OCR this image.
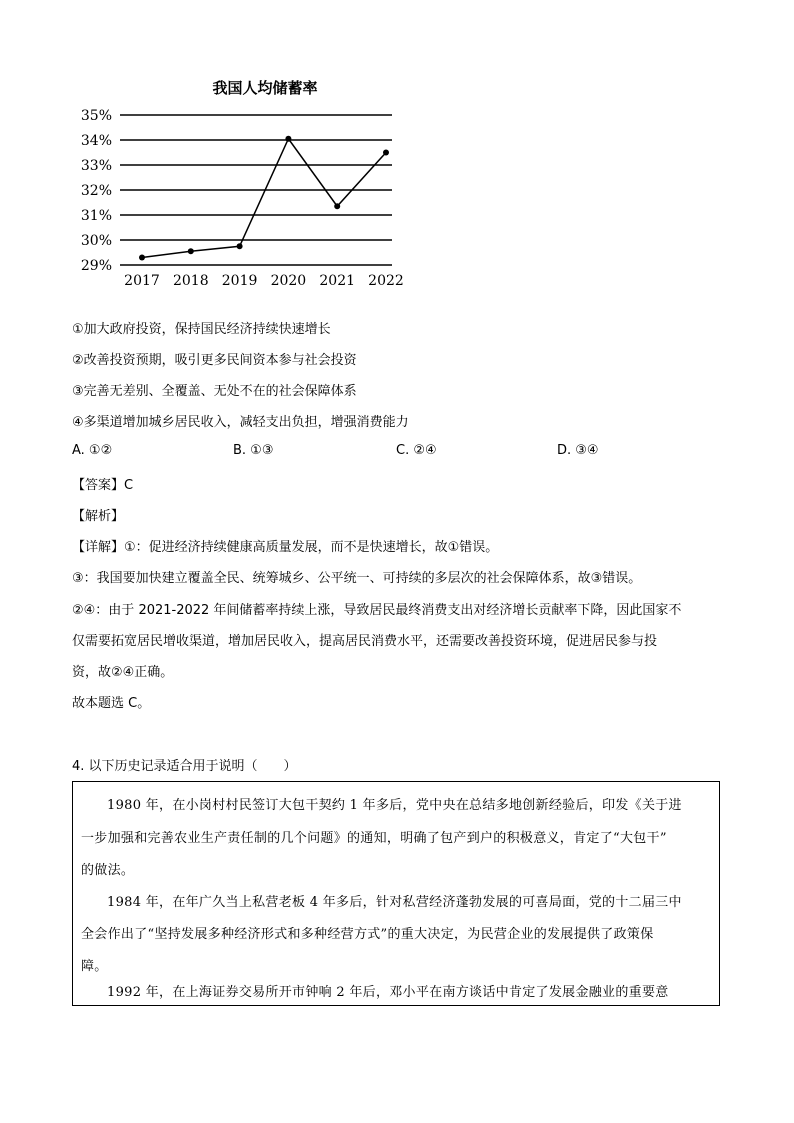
我国人均储蓄率
29%
30%
31%
32%
33%
34%
35%
2017 2018 2019 2020 2021 2022
①加大政府投资，保持国民经济持续快速增长
②改善投资预期，吸引更多民间资本参与社会投资
③完善无差别、全覆盖、无处不在的社会保障体系
④多渠道增加城乡居民收入，减轻支出负担，增强消费能力
A. ①②	B. ①③	C. ②④	D. ③④
【答案】C
【解析】
【详解】①：促进经济持续健康高质量发展，而不是快速增长，故①错误。
③：我国要加快建立覆盖全民、统筹城乡、公平统一、可持续的多层次的社会保障体系，故③错误。
②④：由于 2021-2022 年间储蓄率持续上涨，导致居民最终消费支出对经济增长贡献率下降，因此国家不
仅需要拓宽居民增收渠道，增加居民收入，提高居民消费水平，还需要改善投资环境，促进居民参与投
资，故②④正确。
故本题选 C。
4. 以下历史记录适合用于说明（　　）

1980 年，在小岗村村民签订大包干契约 1 年多后，党中央在总结多地创新经验后，印发《关于进

一步加强和完善农业生产责任制的几个问题》的通知，明确了包产到户的积极意义，肯定了“大包干”

的做法。

1984 年，在年广久当上私营老板 4 年多后，针对私营经济蓬勃发展的可喜局面，党的十二届三中

全会作出了“坚持发展多种经济形式和多种经营方式”的重大决定，为民营企业的发展提供了政策保

障。

1992 年，在上海证券交易所开市钟响 2 年后，邓小平在南方谈话中肯定了发展金融业的重要意
